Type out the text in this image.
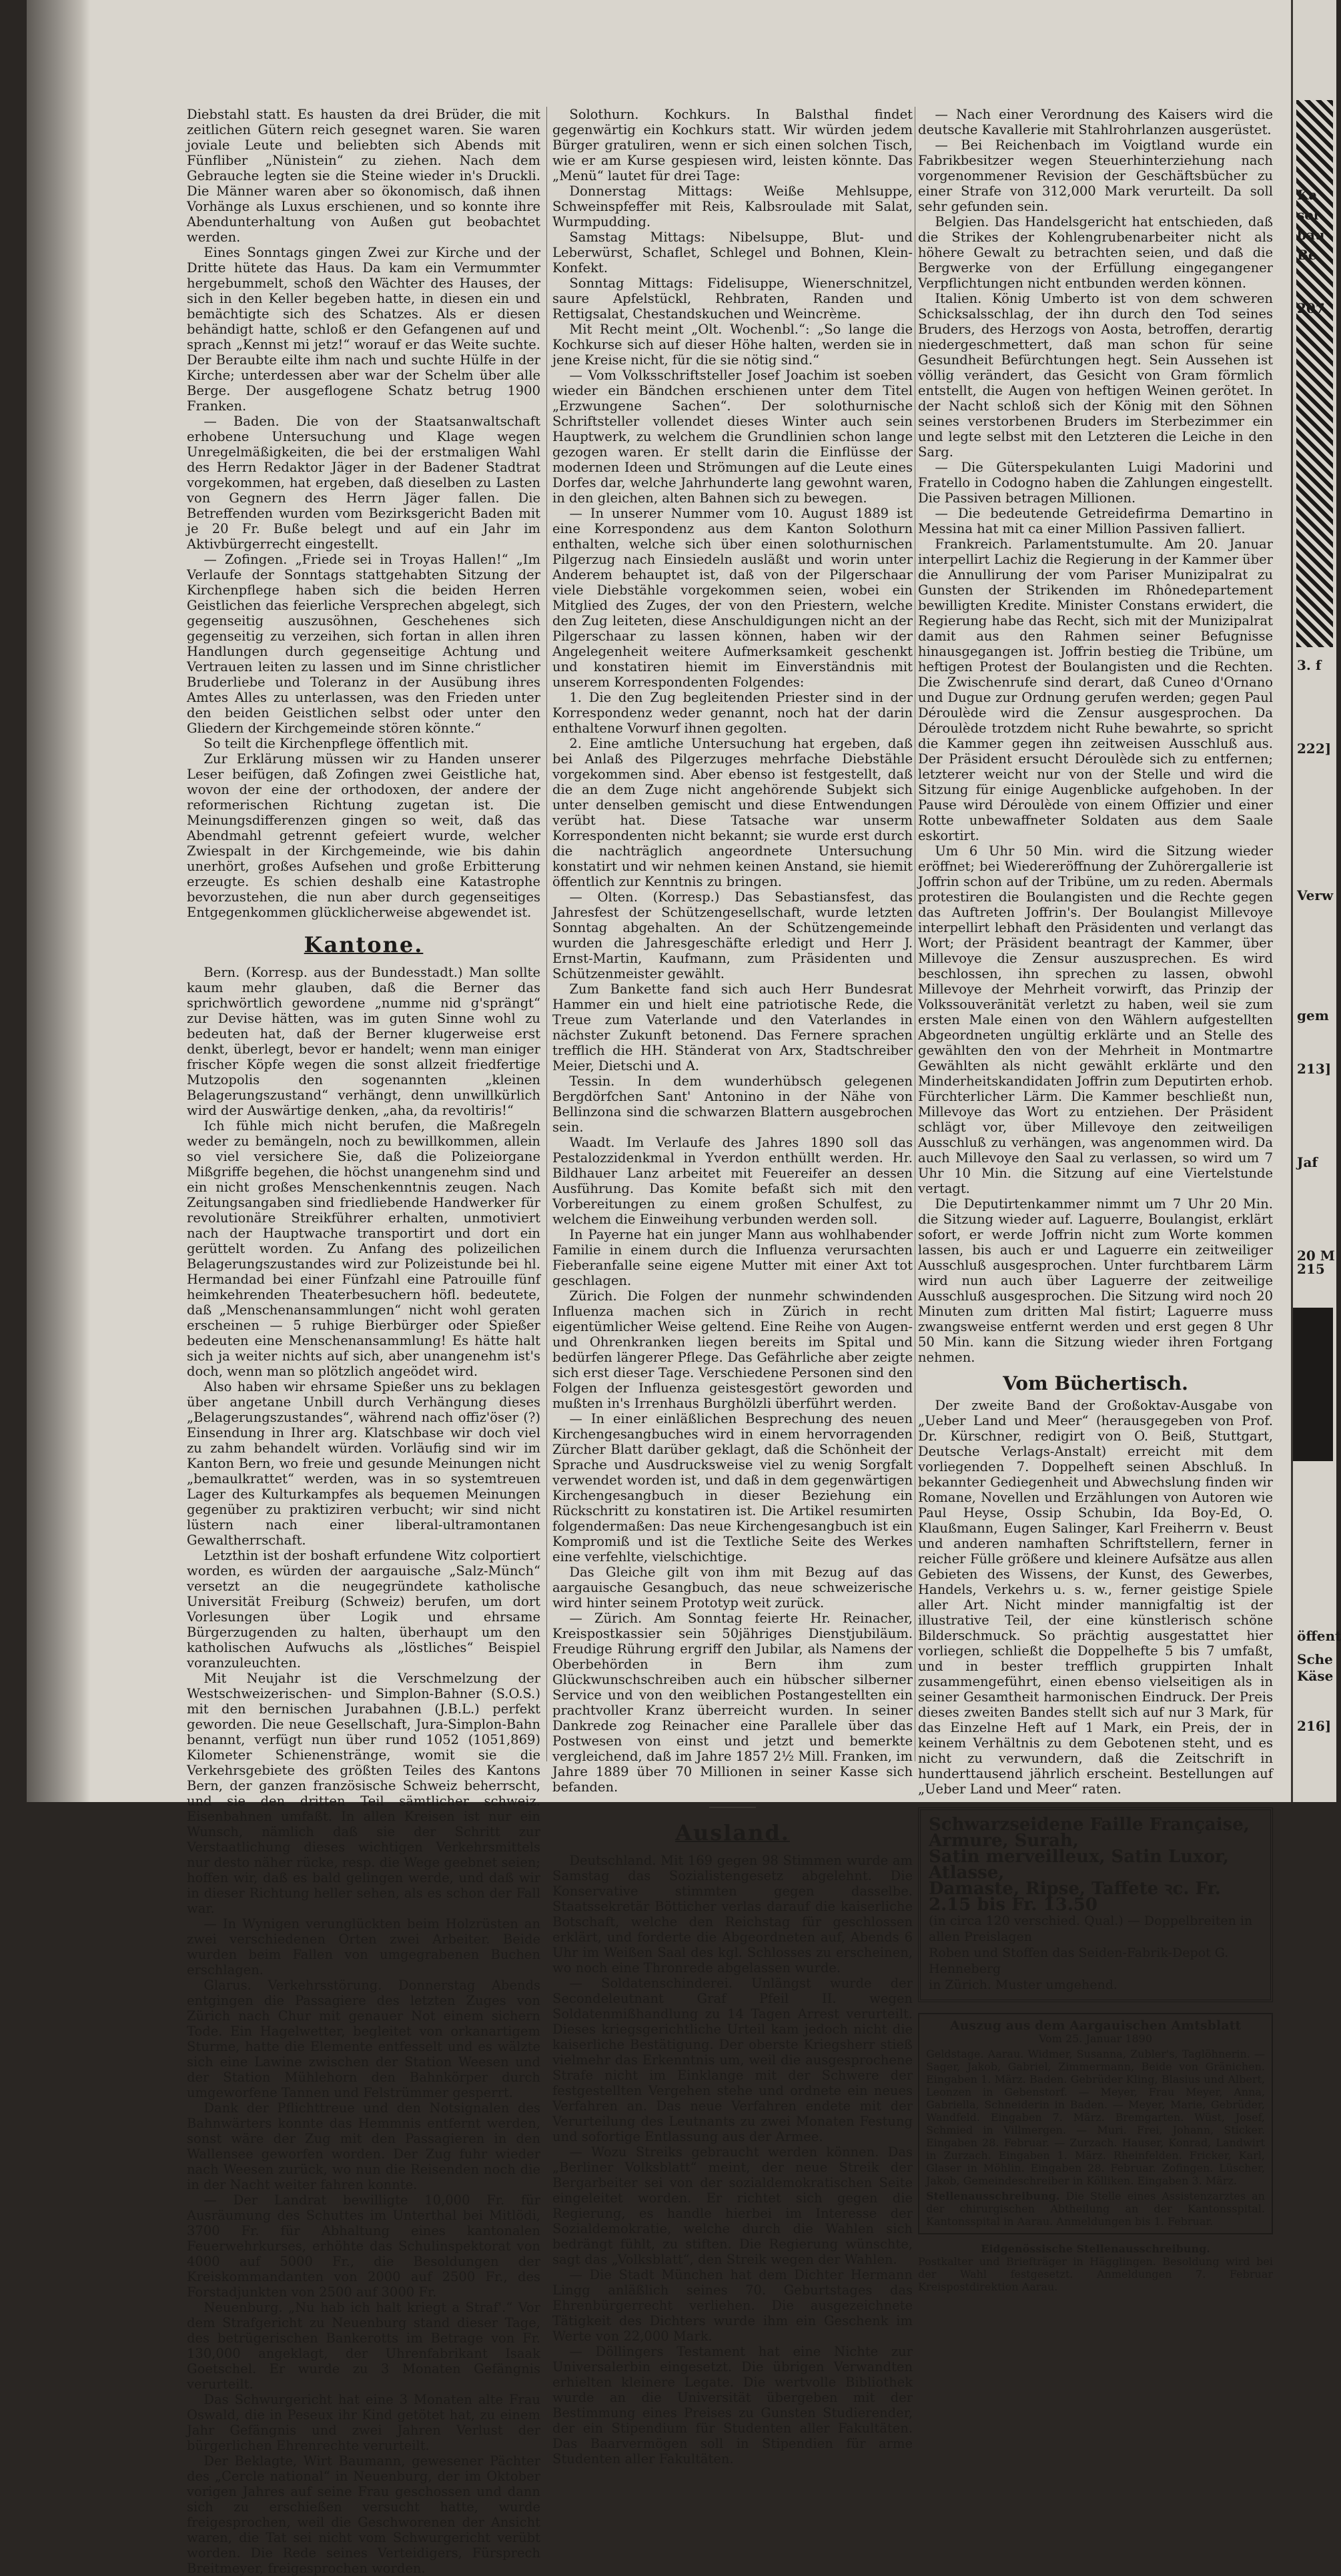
Diebstahl statt. Es hausten da drei Brüder, die mit zeitlichen Gütern reich gesegnet waren. Sie waren joviale Leute und beliebten sich Abends mit Fünfliber „Nünistein“ zu ziehen. Nach dem Gebrauche legten sie die Steine wieder in's Druckli. Die Männer waren aber so ökonomisch, daß ihnen Vorhänge als Luxus erschienen, und so konnte ihre Abendunterhaltung von Außen gut beobachtet werden.

Eines Sonntags gingen Zwei zur Kirche und der Dritte hütete das Haus. Da kam ein Vermummter hergebummelt, schoß den Wächter des Hauses, der sich in den Keller begeben hatte, in diesen ein und bemächtigte sich des Schatzes. Als er diesen behändigt hatte, schloß er den Gefangenen auf und sprach „Kennst mi jetz!“ worauf er das Weite suchte. Der Beraubte eilte ihm nach und suchte Hülfe in der Kirche; unterdessen aber war der Schelm über alle Berge. Der ausgeflogene Schatz betrug 1900 Franken.

— Baden. Die von der Staatsanwaltschaft erhobene Untersuchung und Klage wegen Unregelmäßigkeiten, die bei der erstmaligen Wahl des Herrn Redaktor Jäger in der Badener Stadtrat vorgekommen, hat ergeben, daß dieselben zu Lasten von Gegnern des Herrn Jäger fallen. Die Betreffenden wurden vom Bezirksgericht Baden mit je 20 Fr. Buße belegt und auf ein Jahr im Aktivbürgerrecht eingestellt.

— Zofingen. „Friede sei in Troyas Hallen!“ „Im Verlaufe der Sonntags stattgehabten Sitzung der Kirchenpflege haben sich die beiden Herren Geistlichen das feierliche Versprechen abgelegt, sich gegenseitig auszusöhnen, Geschehenes sich gegenseitig zu verzeihen, sich fortan in allen ihren Handlungen durch gegenseitige Achtung und Vertrauen leiten zu lassen und im Sinne christlicher Bruderliebe und Toleranz in der Ausübung ihres Amtes Alles zu unterlassen, was den Frieden unter den beiden Geistlichen selbst oder unter den Gliedern der Kirchgemeinde stören könnte.“

So teilt die Kirchenpflege öffentlich mit.

Zur Erklärung müssen wir zu Handen unserer Leser beifügen, daß Zofingen zwei Geistliche hat, wovon der eine der orthodoxen, der andere der reformerischen Richtung zugetan ist. Die Meinungsdifferenzen gingen so weit, daß das Abendmahl getrennt gefeiert wurde, welcher Zwiespalt in der Kirchgemeinde, wie bis dahin unerhört, großes Aufsehen und große Erbitterung erzeugte. Es schien deshalb eine Katastrophe bevorzustehen, die nun aber durch gegenseitiges Entgegenkommen glücklicherweise abgewendet ist.

Kantone.

Bern. (Korresp. aus der Bundesstadt.) Man sollte kaum mehr glauben, daß die Berner das sprichwörtlich gewordene „numme nid g'sprängt“ zur Devise hätten, was im guten Sinne wohl zu bedeuten hat, daß der Berner klugerweise erst denkt, überlegt, bevor er handelt; wenn man einiger frischer Köpfe wegen die sonst allzeit friedfertige Mutzopolis den sogenannten „kleinen Belagerungszustand“ verhängt, denn unwillkürlich wird der Auswärtige denken, „aha, da revoltiris!“

Ich fühle mich nicht berufen, die Maßregeln weder zu bemängeln, noch zu bewillkommen, allein so viel versichere Sie, daß die Polizeiorgane Mißgriffe begehen, die höchst unangenehm sind und ein nicht großes Menschenkenntnis zeugen. Nach Zeitungsangaben sind friedliebende Handwerker für revolutionäre Streikführer erhalten, unmotiviert nach der Hauptwache transportirt und dort ein gerüttelt worden. Zu Anfang des polizeilichen Belagerungszustandes wird zur Polizeistunde bei hl. Hermandad bei einer Fünfzahl eine Patrouille fünf heimkehrenden Theaterbesuchern höfl. bedeutete, daß „Menschenansammlungen“ nicht wohl geraten erscheinen — 5 ruhige Bierbürger oder Spießer bedeuten eine Menschenansammlung! Es hätte halt sich ja weiter nichts auf sich, aber unangenehm ist's doch, wenn man so plötzlich angeödet wird.

Also haben wir ehrsame Spießer uns zu beklagen über angetane Unbill durch Verhängung dieses „Belagerungszustandes“, während nach offiz'öser (?) Einsendung in Ihrer arg. Klatschbase wir doch viel zu zahm behandelt würden. Vorläufig sind wir im Kanton Bern, wo freie und gesunde Meinungen nicht „bemaulkrattet“ werden, was in so systemtreuen Lager des Kulturkampfes als bequemen Meinungen gegenüber zu praktiziren verbucht; wir sind nicht lüstern nach einer liberal-ultramontanen Gewaltherrschaft.

Letzthin ist der boshaft erfundene Witz colportiert worden, es würden der aargauische „Salz-Münch“ versetzt an die neugegründete katholische Universität Freiburg (Schweiz) berufen, um dort Vorlesungen über Logik und ehrsame Bürgerzugenden zu halten, überhaupt um den katholischen Aufwuchs als „löstliches“ Beispiel voranzuleuchten.

Mit Neujahr ist die Verschmelzung der Westschweizerischen- und Simplon-Bahner (S.O.S.) mit den bernischen Jurabahnen (J.B.L.) perfekt geworden. Die neue Gesellschaft, Jura-Simplon-Bahn benannt, verfügt nun über rund 1052 (1051,869) Kilometer Schienenstränge, womit sie die Verkehrsgebiete des größten Teiles des Kantons Bern, der ganzen französische Schweiz beherrscht, und sie den dritten Teil sämtlicher schweiz. Eisenbahnen umfaßt. In allen Kreisen ist nur ein Wunsch, nämlich daß sie der Schritt zur Verstaatlichung dieses wichtigen Verkehrsmittels nur desto näher rücke, resp. die Wege geebnet seien; hoffen wir, daß es bald gelingen werde, und daß wir in dieser Richtung heller sehen, als es schon der Fall war.

— In Wynigen verunglückten beim Holzrüsten an zwei verschiedenen Orten zwei Arbeiter. Beide wurden beim Fallen von umgegrabenen Buchen erschlagen.

Glarus. Verkehrsstörung. Donnerstag Abends entgingen die Passagiere des letzten Zuges von Zürich nach Chur mit genauer Not einem sichern Tode. Ein Hagelwetter, begleitet von orkanartigem Sturme, hatte die Elemente entfesselt und es wälzte sich eine Lawine zwischen der Station Weesen und der Station Mühlehorn den Bahnkörper durch umgeworfene Tannen und Felstrümmer gesperrt.

Dank der Pflichttreue und den Notsignalen des Bahnwärters konnte das Hemmnis entfernt werden, sonst wäre der Zug mit den Passagieren in den Wallensee geworfen worden. Der Zug fuhr wieder nach Weesen zurück, wo nun die Reisenden noch die in der Nacht weiter fahren konnte.

— Der Landrat bewilligte 10,000 Fr. für Ausräumung des Schuttes im Unterthal bei Mitlödi, 3700 Fr. für Abhaltung eines kantonalen Feuerwehrkurses, erhöhte das Schulinspektorat von 4000 auf 5000 Fr., die Besoldungen der Kreiskommandanten von 2000 auf 2500 Fr., des Forstadjunkten von 2500 auf 3000 Fr.

Neuenburg. „Nu hab ich halt kriegt a Straf'.“ Vor dem Strafgericht zu Neuenburg stand dieser Tage, des betrügerischen Bankerotts im Betrage von Fr. 130,000 angeklagt, der Uhrenfabrikant Isaak Goetschel. Er wurde zu 3 Monaten Gefängnis verurteilt.

Das Schwurgericht hat eine 3 Monaten alte Frau Oswald, die in Peseux ihr Kind getötet hat, zu einem Jahr Gefängnis und zwei Jahren Verlust der bürgerlichen Ehrenrechte verurteilt.

Der Beklagte, Wirt Baumann, gewesener Pächter des „Cercle national“ in Neuenburg, der im Oktober vorigen Jahres auf seine Frau geschossen und dann sich zu erschießen versucht hatte, wurde freigesprochen, weil die Geschworenen der Ansicht waren, die Tat sei nicht vom Schwurgericht verübt worden. Die Rede seines Verteidigers, Fürsprech Breitmeyer, freigesprochen worden.

Solothurn. Kochkurs. In Balsthal findet gegenwärtig ein Kochkurs statt. Wir würden jedem Bürger gratuliren, wenn er sich einen solchen Tisch, wie er am Kurse gespiesen wird, leisten könnte. Das „Menü“ lautet für drei Tage:

Donnerstag Mittags: Weiße Mehlsuppe, Schweinspfeffer mit Reis, Kalbsroulade mit Salat, Wurmpudding.

Samstag Mittags: Nibelsuppe, Blut- und Leberwürst, Schaflet, Schlegel und Bohnen, Klein-Konfekt.

Sonntag Mittags: Fidelisuppe, Wienerschnitzel, saure Apfelstückl, Rehbraten, Randen und Rettigsalat, Chestandskuchen und Weincrème.

Mit Recht meint „Olt. Wochenbl.“: „So lange die Kochkurse sich auf dieser Höhe halten, werden sie in jene Kreise nicht, für die sie nötig sind.“

— Vom Volksschriftsteller Josef Joachim ist soeben wieder ein Bändchen erschienen unter dem Titel „Erzwungene Sachen“. Der solothurnische Schriftsteller vollendet dieses Winter auch sein Hauptwerk, zu welchem die Grundlinien schon lange gezogen waren. Er stellt darin die Einflüsse der modernen Ideen und Strömungen auf die Leute eines Dorfes dar, welche Jahrhunderte lang gewohnt waren, in den gleichen, alten Bahnen sich zu bewegen.

— In unserer Nummer vom 10. August 1889 ist eine Korrespondenz aus dem Kanton Solothurn enthalten, welche sich über einen solothurnischen Pilgerzug nach Einsiedeln ausläßt und worin unter Anderem behauptet ist, daß von der Pilgerschaar viele Diebstähle vorgekommen seien, wobei ein Mitglied des Zuges, der von den Priestern, welche den Zug leiteten, diese Anschuldigungen nicht an der Pilgerschaar zu lassen können, haben wir der Angelegenheit weitere Aufmerksamkeit geschenkt und konstatiren hiemit im Einverständnis mit unserem Korrespondenten Folgendes:

1. Die den Zug begleitenden Priester sind in der Korrespondenz weder genannt, noch hat der darin enthaltene Vorwurf ihnen gegolten.

2. Eine amtliche Untersuchung hat ergeben, daß bei Anlaß des Pilgerzuges mehrfache Diebstähle vorgekommen sind. Aber ebenso ist festgestellt, daß die an dem Zuge nicht angehörende Subjekt sich unter denselben gemischt und diese Entwendungen verübt hat. Diese Tatsache war unserm Korrespondenten nicht bekannt; sie wurde erst durch die nachträglich angeordnete Untersuchung konstatirt und wir nehmen keinen Anstand, sie hiemit öffentlich zur Kenntnis zu bringen.

— Olten. (Korresp.) Das Sebastiansfest, das Jahresfest der Schützengesellschaft, wurde letzten Sonntag abgehalten. An der Schützengemeinde wurden die Jahresgeschäfte erledigt und Herr J. Ernst-Martin, Kaufmann, zum Präsidenten und Schützenmeister gewählt.

Zum Bankette fand sich auch Herr Bundesrat Hammer ein und hielt eine patriotische Rede, die Treue zum Vaterlande und den Vaterlandes in nächster Zukunft betonend. Das Fernere sprachen trefflich die HH. Ständerat von Arx, Stadtschreiber Meier, Dietschi und A.

Tessin. In dem wunderhübsch gelegenen Bergdörfchen Sant' Antonino in der Nähe von Bellinzona sind die schwarzen Blattern ausgebrochen sein.

Waadt. Im Verlaufe des Jahres 1890 soll das Pestalozzidenkmal in Yverdon enthüllt werden. Hr. Bildhauer Lanz arbeitet mit Feuereifer an dessen Ausführung. Das Komite befaßt sich mit den Vorbereitungen zu einem großen Schulfest, zu welchem die Einweihung verbunden werden soll.

In Payerne hat ein junger Mann aus wohlhabender Familie in einem durch die Influenza verursachten Fieberanfalle seine eigene Mutter mit einer Axt tot geschlagen.

Zürich. Die Folgen der nunmehr schwindenden Influenza machen sich in Zürich in recht eigentümlicher Weise geltend. Eine Reihe von Augen- und Ohrenkranken liegen bereits im Spital und bedürfen längerer Pflege. Das Gefährliche aber zeigte sich erst dieser Tage. Verschiedene Personen sind den Folgen der Influenza geistesgestört geworden und mußten in's Irrenhaus Burghölzli überführt werden.

— In einer einläßlichen Besprechung des neuen Kirchengesangbuches wird in einem hervorragenden Zürcher Blatt darüber geklagt, daß die Schönheit der Sprache und Ausdrucksweise viel zu wenig Sorgfalt verwendet worden ist, und daß in dem gegenwärtigen Kirchengesangbuch in dieser Beziehung ein Rückschritt zu konstatiren ist. Die Artikel resumirten folgendermaßen: Das neue Kirchengesangbuch ist ein Kompromiß und ist die Textliche Seite des Werkes eine verfehlte, vielschichtige.

Das Gleiche gilt von ihm mit Bezug auf das aargauische Gesangbuch, das neue schweizerische wird hinter seinem Prototyp weit zurück.

— Zürich. Am Sonntag feierte Hr. Reinacher, Kreispostkassier sein 50jähriges Dienstjubiläum. Freudige Rührung ergriff den Jubilar, als Namens der Oberbehörden in Bern ihm zum Glückwunschschreiben auch ein hübscher silberner Service und von den weiblichen Postangestellten ein prachtvoller Kranz überreicht wurden. In seiner Dankrede zog Reinacher eine Parallele über das Postwesen von einst und jetzt und bemerkte vergleichend, daß im Jahre 1857 2½ Mill. Franken, im Jahre 1889 über 70 Millionen in seiner Kasse sich befanden.

Ausland.

Deutschland. Mit 169 gegen 98 Stimmen wurde am Samstag das Sozialistengesetz abgelehnt. Die Konservative stimmten gegen dasselbe. Staatssekretär Bötticher verlas darauf die kaiserliche Botschaft, welche den Reichstag für geschlossen erklärt, und forderte die Abgeordneten auf, Abends 6 Uhr im Weißen Saal des kgl. Schlosses zu erscheinen, wo noch eine Thronrede abgelassen wurde.

— Soldatenschinderei. Unlängst wurde der Secondeleutnant Graf Pfeil II. wegen Soldatenmißhandlung zu 14 Tagen Arrest verurteilt. Dieses kriegsgerichtliche Urteil kam jedoch nicht die kaiserliche Bestätigung. Der oberste Kriegsherr stieß vielmehr das Erkenntnis um, weil die ausgesprochene Strafe nicht im Einklange mit der Schwere der festgestellten Vergehen stehe und ordnete ein neues Verfahren an. Das neue Verfahren endete mit der Verurteilung des Leutnants zu zwei Monaten Festung und sofortige Entlassung aus der Armee.

— Wozu Streiks gebraucht werden können. Das „Berliner Volksblatt“ meint, der neue Streik der Bergarbeiter sei von der sozialdemokratischen Seite eingeleitet worden. Er richtet sich gegen die Regierung, es handle hierbei im Interesse der Sozialdemokratie, welche durch die Wahlen sich bedrängt fühlt, zu stiften. Die Regierung wünschte, sagt das „Volksblatt“, den Streik wegen der Wahlen.

— Die Stadt München hat dem Dichter Hermann Lingg anläßlich seines 70. Geburtstages das Ehrenbürgerrecht verliehen. Die ausgezeichnete Tätigkeit des Dichters wurde ihm ein Geschenk im Werte von 22,000 Mark.

— Döllingers Testament hat eine Nichte zur Universalerbin eingesetzt. Die übrigen Verwandten erhielten kleinere Legate. Die wertvolle Bibliothek wurde an die Universität übergeben mit der Bestimmung eines Preises zu Gunsten Studierender, der ein Stipendium für Studenten aller Fakultäten. Das Baarvermögen soll in Stipendien für arme Studenten aller Fakultäten.

— Nach einer Verordnung des Kaisers wird die deutsche Kavallerie mit Stahlrohrlanzen ausgerüstet.

— Bei Reichenbach im Voigtland wurde ein Fabrikbesitzer wegen Steuerhinterziehung nach vorgenommener Revision der Geschäftsbücher zu einer Strafe von 312,000 Mark verurteilt. Da soll sehr gefunden sein.

Belgien. Das Handelsgericht hat entschieden, daß die Strikes der Kohlengrubenarbeiter nicht als höhere Gewalt zu betrachten seien, und daß die Bergwerke von der Erfüllung eingegangener Verpflichtungen nicht entbunden werden können.

Italien. König Umberto ist von dem schweren Schicksalsschlag, der ihn durch den Tod seines Bruders, des Herzogs von Aosta, betroffen, derartig niedergeschmettert, daß man schon für seine Gesundheit Befürchtungen hegt. Sein Aussehen ist völlig verändert, das Gesicht von Gram förmlich entstellt, die Augen von heftigen Weinen gerötet. In der Nacht schloß sich der König mit den Söhnen seines verstorbenen Bruders im Sterbezimmer ein und legte selbst mit den Letzteren die Leiche in den Sarg.

— Die Güterspekulanten Luigi Madorini und Fratello in Codogno haben die Zahlungen eingestellt. Die Passiven betragen Millionen.

— Die bedeutende Getreidefirma Demartino in Messina hat mit ca einer Million Passiven falliert.

Frankreich. Parlamentstumulte. Am 20. Januar interpellirt Lachiz die Regierung in der Kammer über die Annullirung der vom Pariser Munizipalrat zu Gunsten der Strikenden im Rhônedepartement bewilligten Kredite. Minister Constans erwidert, die Regierung habe das Recht, sich mit der Munizipalrat damit aus den Rahmen seiner Befugnisse hinausgegangen ist. Joffrin bestieg die Tribüne, um heftigen Protest der Boulangisten und die Rechten. Die Zwischenrufe sind derart, daß Cuneo d'Ornano und Dugue zur Ordnung gerufen werden; gegen Paul Déroulède wird die Zensur ausgesprochen. Da Déroulède trotzdem nicht Ruhe bewahrte, so spricht die Kammer gegen ihn zeitweisen Ausschluß aus. Der Präsident ersucht Déroulède sich zu entfernen; letzterer weicht nur von der Stelle und wird die Sitzung für einige Augenblicke aufgehoben. In der Pause wird Déroulède von einem Offizier und einer Rotte unbewaffneter Soldaten aus dem Saale eskortirt.

Um 6 Uhr 50 Min. wird die Sitzung wieder eröffnet; bei Wiedereröffnung der Zuhörergallerie ist Joffrin schon auf der Tribüne, um zu reden. Abermals protestiren die Boulangisten und die Rechte gegen das Auftreten Joffrin's. Der Boulangist Millevoye interpellirt lebhaft den Präsidenten und verlangt das Wort; der Präsident beantragt der Kammer, über Millevoye die Zensur auszusprechen. Es wird beschlossen, ihn sprechen zu lassen, obwohl Millevoye der Mehrheit vorwirft, das Prinzip der Volkssouveränität verletzt zu haben, weil sie zum ersten Male einen von den Wählern aufgestellten Abgeordneten ungültig erklärte und an Stelle des gewählten den von der Mehrheit in Montmartre Gewählten als nicht gewählt erklärte und den Minderheitskandidaten Joffrin zum Deputirten erhob. Fürchterlicher Lärm. Die Kammer beschließt nun, Millevoye das Wort zu entziehen. Der Präsident schlägt vor, über Millevoye den zeitweiligen Ausschluß zu verhängen, was angenommen wird. Da auch Millevoye den Saal zu verlassen, so wird um 7 Uhr 10 Min. die Sitzung auf eine Viertelstunde vertagt.

Die Deputirtenkammer nimmt um 7 Uhr 20 Min. die Sitzung wieder auf. Laguerre, Boulangist, erklärt sofort, er werde Joffrin nicht zum Worte kommen lassen, bis auch er und Laguerre ein zeitweiliger Ausschluß ausgesprochen. Unter furchtbarem Lärm wird nun auch über Laguerre der zeitweilige Ausschluß ausgesprochen. Die Sitzung wird noch 20 Minuten zum dritten Mal fistirt; Laguerre muss zwangsweise entfernt werden und erst gegen 8 Uhr 50 Min. kann die Sitzung wieder ihren Fortgang nehmen.

Vom Büchertisch.

Der zweite Band der Großoktav-Ausgabe von „Ueber Land und Meer“ (herausgegeben von Prof. Dr. Kürschner, redigirt von O. Beiß, Stuttgart, Deutsche Verlags-Anstalt) erreicht mit dem vorliegenden 7. Doppelheft seinen Abschluß. In bekannter Gediegenheit und Abwechslung finden wir Romane, Novellen und Erzählungen von Autoren wie Paul Heyse, Ossip Schubin, Ida Boy-Ed, O. Klaußmann, Eugen Salinger, Karl Freiherrn v. Beust und anderen namhaften Schriftstellern, ferner in reicher Fülle größere und kleinere Aufsätze aus allen Gebieten des Wissens, der Kunst, des Gewerbes, Handels, Verkehrs u. s. w., ferner geistige Spiele aller Art. Nicht minder mannigfaltig ist der illustrative Teil, der eine künstlerisch schöne Bilderschmuck. So prächtig ausgestattet hier vorliegen, schließt die Doppelhefte 5 bis 7 umfaßt, und in bester trefflich gruppirten Inhalt zusammengeführt, einen ebenso vielseitigen als in seiner Gesamtheit harmonischen Eindruck. Der Preis dieses zweiten Bandes stellt sich auf nur 3 Mark, für das Einzelne Heft auf 1 Mark, ein Preis, der in keinem Verhältnis zu dem Gebotenen steht, und es nicht zu verwundern, daß die Zeitschrift in hunderttausend jährlich erscheint. Bestellungen auf „Ueber Land und Meer“ raten.

Schwarzseidene Faille Française, Armure, Surah,
Satin merveilleux, Satin Luxor, Atlasse,
Damaste, Ripse, Taffete ꝛc. Fr. 2.15 bis Fr. 13.50
(in circa 120 verschied. Qual.) — Doppelbreiten in allen Preislagen
Roben und Stoffen das Seiden-Fabrik-Depot G. Henneberg
in Zürich. Muster umgehend.
Auszug aus dem Aargauischen Amtsblatt
Vom 25. Januar 1890
Geldstage. Aarau. Widmer, Susanna, Zubler's, Taglöhnerin. — Sager, Jakob, Gabriel, Zimmermann, Beide von Gränichen. Eingaben 1. März. Baden. Gebrüder Kling, Blasius und Albert, Leonzen in Gebenstorf. — Meyer, Frau Meyer, Anna, Gabriella, Schneiderin in Baden. — Meyer, Marie, Gebrüder, Wandfeld. Eingaben 7. März. Bremgarten. Wüst, Josef, Schmied in Villmergen. — Muri. Frei, Johann, Sticker. Eingaben 28. Februar. — Zurzach. Hauser, Konrad, Landwirt in Zurzach. Eingaben 1. März. Rheinfelden. Fricker, Karl, Glaser in Möhlin. Eingaben 28. Februar. Zofingen. Lüscher, Jakob, Gemeindeschreiber in Kölliken. Eingaben 3. März.
Stellenausschreibung. Die Stelle eines Assistenzarztes an der chirurgischen Abtheilung an der Kantonsspital. Kantonsspital in Aarau. Anmeldungen bis 1. Februar.
Eidgenössische Stellenausschreibung.
Postkalter und Briefträger in Hägglingen. Besoldung wird bei der Wahl festgesetzt. Anmeldungen 7. Februar Kreispostdirektion Aarau.
Ka
sol
bau
Be
207
3. f
222]
Verw
gem
213]
Jaf
20 M
215
öffent
Sche
Käse
216]
